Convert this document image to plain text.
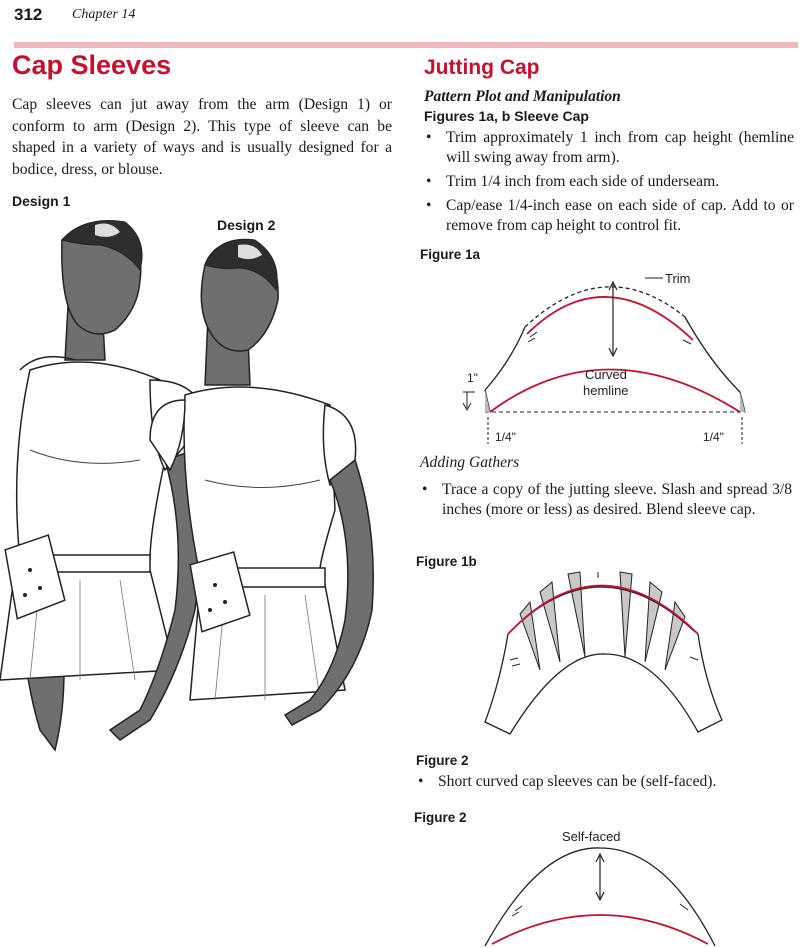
312 Chapter 14
Cap Sleeves
Cap sleeves can jut away from the arm (Design 1) or conform to arm (Design 2). This type of sleeve can be shaped in a variety of ways and is usually designed for a bodice, dress, or blouse.
Design 1
Design 2
Jutting Cap
Pattern Plot and Manipulation
Figures 1a, b Sleeve Cap
• Trim approximately 1 inch from cap height (hemline will swing away from arm).
• Trim 1/4 inch from each side of underseam.
• Cap/ease 1/4-inch ease on each side of cap. Add to or remove from cap height to control fit.
Figure 1a
Trim
Curved
hemline
1"
1/4"	1/4"
Adding Gathers
• Trace a copy of the jutting sleeve. Slash and spread 3/8 inches (more or less) as desired. Blend sleeve cap.
Figure 1b
Figure 2
• Short curved cap sleeves can be (self-faced).
Figure 2
Self-faced
